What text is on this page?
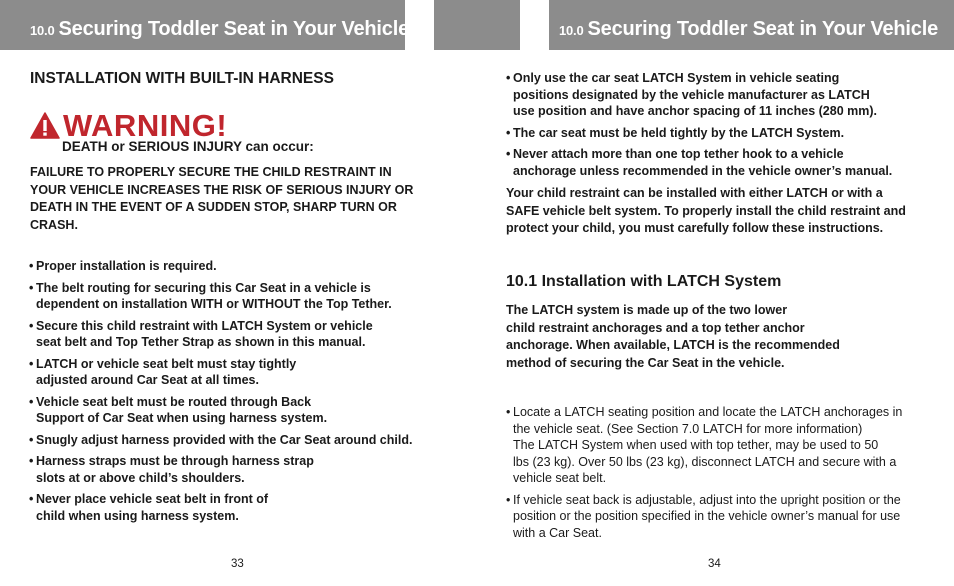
10.0 Securing Toddler Seat in Your Vehicle
INSTALLATION WITH BUILT-IN HARNESS
WARNING!
DEATH or SERIOUS INJURY can occur:
FAILURE TO PROPERLY SECURE THE CHILD RESTRAINT IN
YOUR VEHICLE INCREASES THE RISK OF SERIOUS INJURY OR
DEATH IN THE EVENT OF A SUDDEN STOP, SHARP TURN OR
CRASH.
• Proper installation is required.
• The belt routing for securing this Car Seat in a vehicle is
dependent on installation WITH or WITHOUT the Top Tether.
• Secure this child restraint with LATCH System or vehicle
seat belt and Top Tether Strap as shown in this manual.
• LATCH or vehicle seat belt must stay tightly
adjusted around Car Seat at all times.
• Vehicle seat belt must be routed through Back
Support of Car Seat when using harness system.
• Snugly adjust harness provided with the Car Seat around child.
• Harness straps must be through harness strap
slots at or above child’s shoulders.
• Never place vehicle seat belt in front of
child when using harness system.
33
10.0 Securing Toddler Seat in Your Vehicle
• Only use the car seat LATCH System in vehicle seating
positions designated by the vehicle manufacturer as LATCH
use position and have anchor spacing of 11 inches (280 mm).
• The car seat must be held tightly by the LATCH System.
• Never attach more than one top tether hook to a vehicle
anchorage unless recommended in the vehicle owner’s manual.
Your child restraint can be installed with either LATCH or with a
SAFE vehicle belt system. To properly install the child restraint and
protect your child, you must carefully follow these instructions.
10.1 Installation with LATCH System
The LATCH system is made up of the two lower
child restraint anchorages and a top tether anchor
anchorage. When available, LATCH is the recommended
method of securing the Car Seat in the vehicle.
• Locate a LATCH seating position and locate the LATCH anchorages in
the vehicle seat. (See Section 7.0 LATCH for more information)
The LATCH System when used with top tether, may be used to 50
lbs (23 kg). Over 50 lbs (23 kg), disconnect LATCH and secure with a
vehicle seat belt.
• If vehicle seat back is adjustable, adjust into the upright position or the
position or the position specified in the vehicle owner’s manual for use
with a Car Seat.
34
